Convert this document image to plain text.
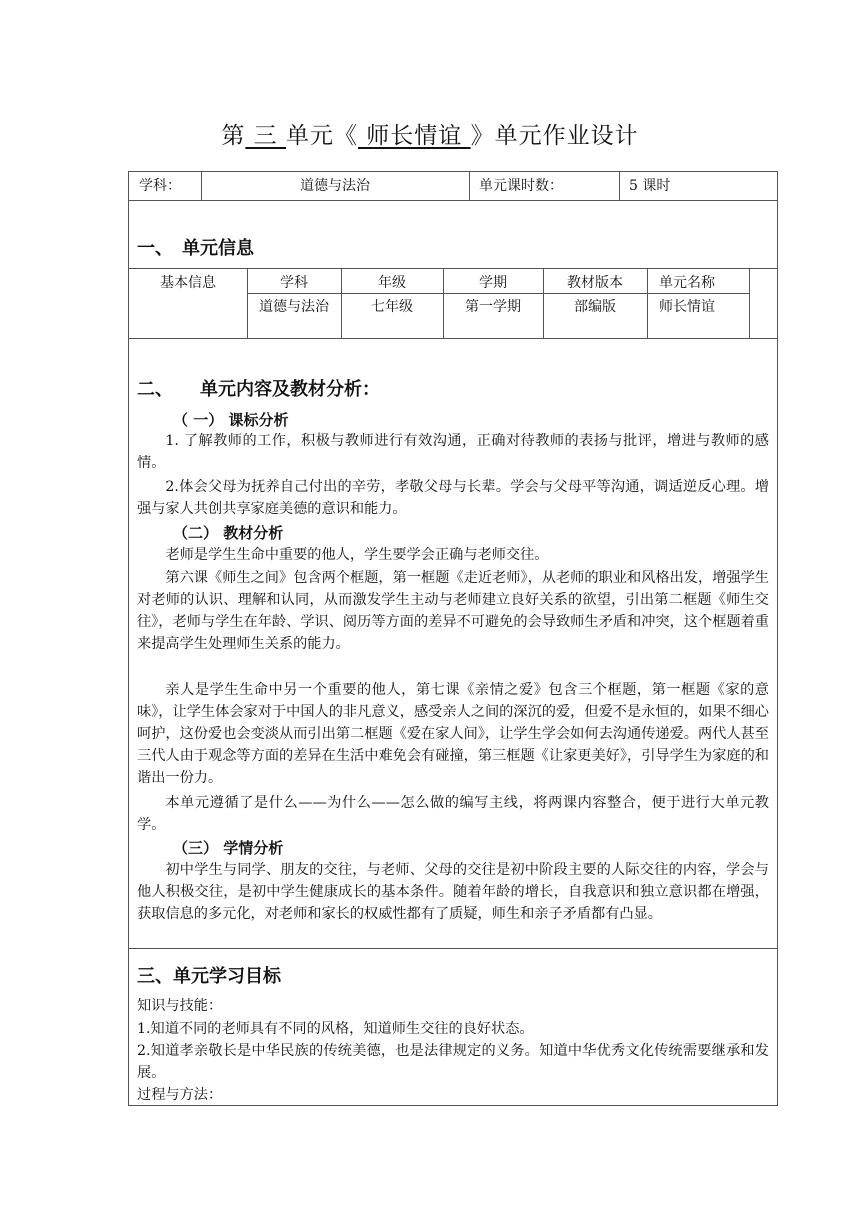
第 三 单元《 师长情谊 》单元作业设计
学科：	道德与法治	单元课时数：	5 课时
一、　单元信息
基本信息	学科	年级	学期	教材版本	单元名称
道德与法治	七年级	第一学期	部编版	师长情谊
二、　　单元内容及教材分析：
（ 一） 课标分析
1. 了解教师的工作，积极与教师进行有效沟通，正确对待教师的表扬与批评，增进与教师的感情。
2.体会父母为抚养自己付出的辛劳，孝敬父母与长辈。学会与父母平等沟通，调适逆反心理。增强与家人共创共享家庭美德的意识和能力。
（二） 教材分析
老师是学生生命中重要的他人，学生要学会正确与老师交往。
第六课《师生之间》包含两个框题，第一框题《走近老师》，从老师的职业和风格出发，增强学生对老师的认识、理解和认同，从而激发学生主动与老师建立良好关系的欲望，引出第二框题《师生交往》，老师与学生在年龄、学识、阅历等方面的差异不可避免的会导致师生矛盾和冲突，这个框题着重来提高学生处理师生关系的能力。
亲人是学生生命中另一个重要的他人，第七课《亲情之爱》包含三个框题，第一框题《家的意味》，让学生体会家对于中国人的非凡意义，感受亲人之间的深沉的爱，但爱不是永恒的，如果不细心呵护，这份爱也会变淡从而引出第二框题《爱在家人间》，让学生学会如何去沟通传递爱。两代人甚至三代人由于观念等方面的差异在生活中难免会有碰撞，第三框题《让家更美好》，引导学生为家庭的和谐出一份力。
本单元遵循了是什么——为什么——怎么做的编写主线，将两课内容整合，便于进行大单元教学。
（三） 学情分析
初中学生与同学、朋友的交往，与老师、父母的交往是初中阶段主要的人际交往的内容，学会与他人积极交往，是初中学生健康成长的基本条件。随着年龄的增长，自我意识和独立意识都在增强，获取信息的多元化，对老师和家长的权威性都有了质疑，师生和亲子矛盾都有凸显。
三、单元学习目标
知识与技能：
1.知道不同的老师具有不同的风格，知道师生交往的良好状态。
2.知道孝亲敬长是中华民族的传统美德，也是法律规定的义务。知道中华优秀文化传统需要继承和发展。
过程与方法：
